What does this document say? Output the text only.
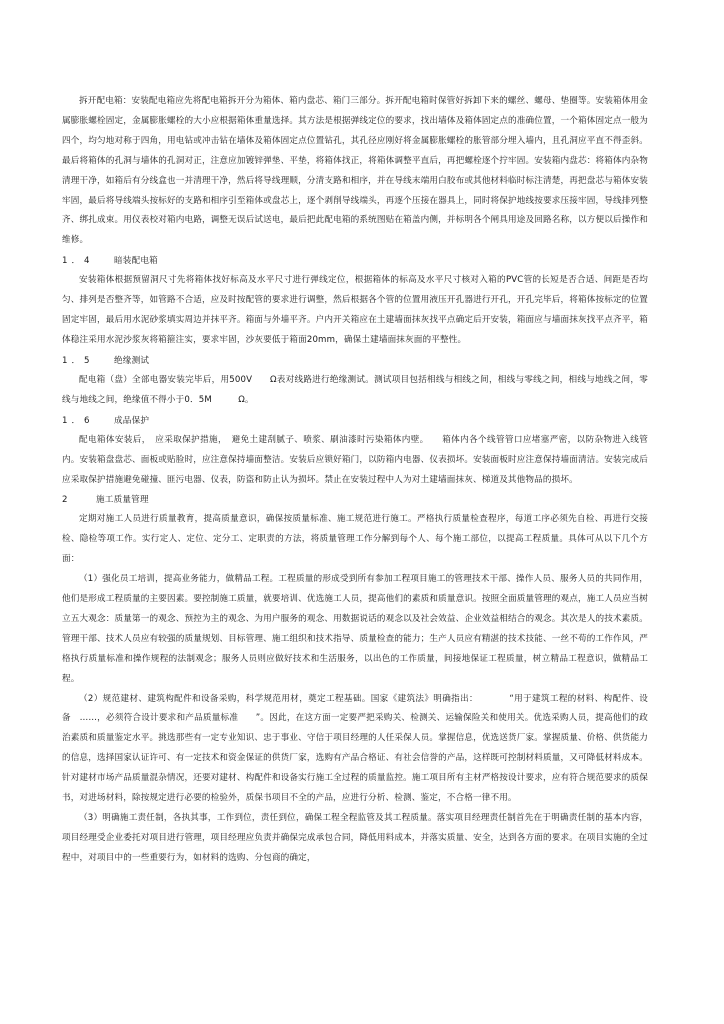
拆开配电箱：安装配电箱应先将配电箱拆开分为箱体、箱内盘芯、箱门三部分。拆开配电箱时保管好拆卸下来的螺丝、螺母、垫圈等。安装箱体用金属膨胀螺栓固定，金属膨胀螺栓的大小应根据箱体重量选择。其方法是根据弹线定位的要求，找出墙体及箱体固定点的准确位置，一个箱体固定点一般为四个，均匀地对称于四角，用电钻或冲击钻在墙体及箱体固定点位置钻孔，其孔径应刚好将金属膨胀螺栓的胀管部分埋入墙内，且孔洞应平直不得歪斜。最后将箱体的孔洞与墙体的孔洞对正，注意应加镀锌弹垫、平垫，将箱体找正，将箱体调整平直后，再把螺栓逐个拧牢固。安装箱内盘芯：将箱体内杂物清理干净，如箱后有分线盒也一并清理干净，然后将导线理顺，分清支路和相序，并在导线末端用白胶布或其他材料临时标注清楚，再把盘芯与箱体安装牢固，最后将导线端头按标好的支路和相序引至箱体或盘芯上，逐个剥削导线端头，再逐个压接在器具上，同时将保护地线按要求压接牢固，导线排列整齐、绑扎成束。用仪表校对箱内电路，调整无误后试送电，最后把此配电箱的系统图贴在箱盖内侧，并标明各个闸具用途及回路名称，以方便以后操作和维修。

1．4 暗装配电箱

安装箱体根据预留洞尺寸先将箱体找好标高及水平尺寸进行弹线定位，根据箱体的标高及水平尺寸核对入箱的PVC管的长短是否合适、间距是否均匀、排列是否整齐等，如管路不合适，应及时按配管的要求进行调整，然后根据各个管的位置用液压开孔器进行开孔，开孔完毕后，将箱体按标定的位置固定牢固，最后用水泥砂浆填实周边并抹平齐。箱面与外墙平齐。户内开关箱应在土建墙面抹灰找平点确定后开安装，箱面应与墙面抹灰找平点齐平，箱体稳注采用水泥沙浆灰将箱箍注实，要求牢固，沙灰要低于箱面20mm，确保土建墙面抹灰面的平整性。

1．5 绝缘测试

配电箱（盘）全部电器安装完毕后，用500V　　Ω表对线路进行绝缘测试。测试项目包括相线与相线之间，相线与零线之间，相线与地线之间，零线与地线之间，绝缘值不得小于0．5M　　　Ω。

1．6 成品保护

配电箱体安装后，　应采取保护措施，　避免土建刮腻子、喷浆、刷油漆时污染箱体内壁。　　箱体内各个线管管口应堵塞严密，以防杂物进入线管内。安装箱盘盘芯、面板或贴脸时，应注意保持墙面整洁。安装后应锁好箱门，以防箱内电器、仪表损坏。安装面板时应注意保持墙面清洁。安装完成后应采取保护措施避免碰撞、匪污电器、仪表，防盗和防止认为损坏。禁止在安装过程中人为对土建墙面抹灰、梯道及其他物品的损坏。

2	施工质量管理

定期对施工人员进行质量教育，提高质量意识，确保按质量标准、施工规范进行施工。严格执行质量检查程序，每道工序必须先自检、再进行交接检、隐检等项工作。实行定人、定位、定分工、定职责的方法，将质量管理工作分解到每个人、每个施工部位，以提高工程质量。具体可从以下几个方面：

（1）强化员工培训，提高业务能力，做精品工程。工程质量的形成受到所有参加工程项目施工的管理技术干部、操作人员、服务人员的共同作用，他们是形成工程质量的主要因素。要控制施工质量，就要培训、优选施工人员，提高他们的素质和质量意识。按照全面质量管理的观点，施工人员应当树立五大观念：质量第一的观念、预控为主的观念、为用户服务的观念、用数据说话的观念以及社会效益、企业效益相结合的观念。其次是人的技术素质。管理干部、技术人员应有较强的质量规划、目标管理、施工组织和技术指导、质量检查的能力；生产人员应有精湛的技术技能、一丝不苟的工作作风，严格执行质量标准和操作规程的法制观念；服务人员则应做好技术和生活服务，以出色的工作质量，间接地保证工程质量，树立精品工程意识，做精品工程。

（2）规范建材、建筑构配件和设备采购，科学规范用材，奠定工程基础。国家《建筑法》明确指出：　　　　“用于建筑工程的材料、构配件、设备　……，必须符合设计要求和产品质量标准　　”。因此，在这方面一定要严把采购关、检测关、运输保险关和使用关。优选采购人员，提高他们的政治素质和质量鉴定水平。挑选那些有一定专业知识、忠于事业、守信于项目经理的人任采保人员。掌握信息，优选送货厂家。掌握质量、价格、供货能力的信息，选择国家认证许可、有一定技术和资金保证的供货厂家，选购有产品合格证、有社会信誉的产品，这样既可控制材料质量，又可降低材料成本。针对建材市场产品质量混杂情况，还要对建材、构配件和设备实行施工全过程的质量监控。施工项目所有主材严格按设计要求，应有符合规范要求的质保书，对进场材料，除按规定进行必要的检验外，质保书项目不全的产品，应进行分析、检测、鉴定，不合格一律不用。

（3）明确施工责任制，各执其事，工作到位，责任到位，确保工程全程监管及其工程质量。落实项目经理责任制首先在于明确责任制的基本内容，项目经理受企业委托对项目进行管理，项目经理应负责并确保完成承包合同，降低用料成本，并落实质量、安全，达到各方面的要求。在项目实施的全过程中，对项目中的一些重要行为，如材料的选购、分包商的确定，
